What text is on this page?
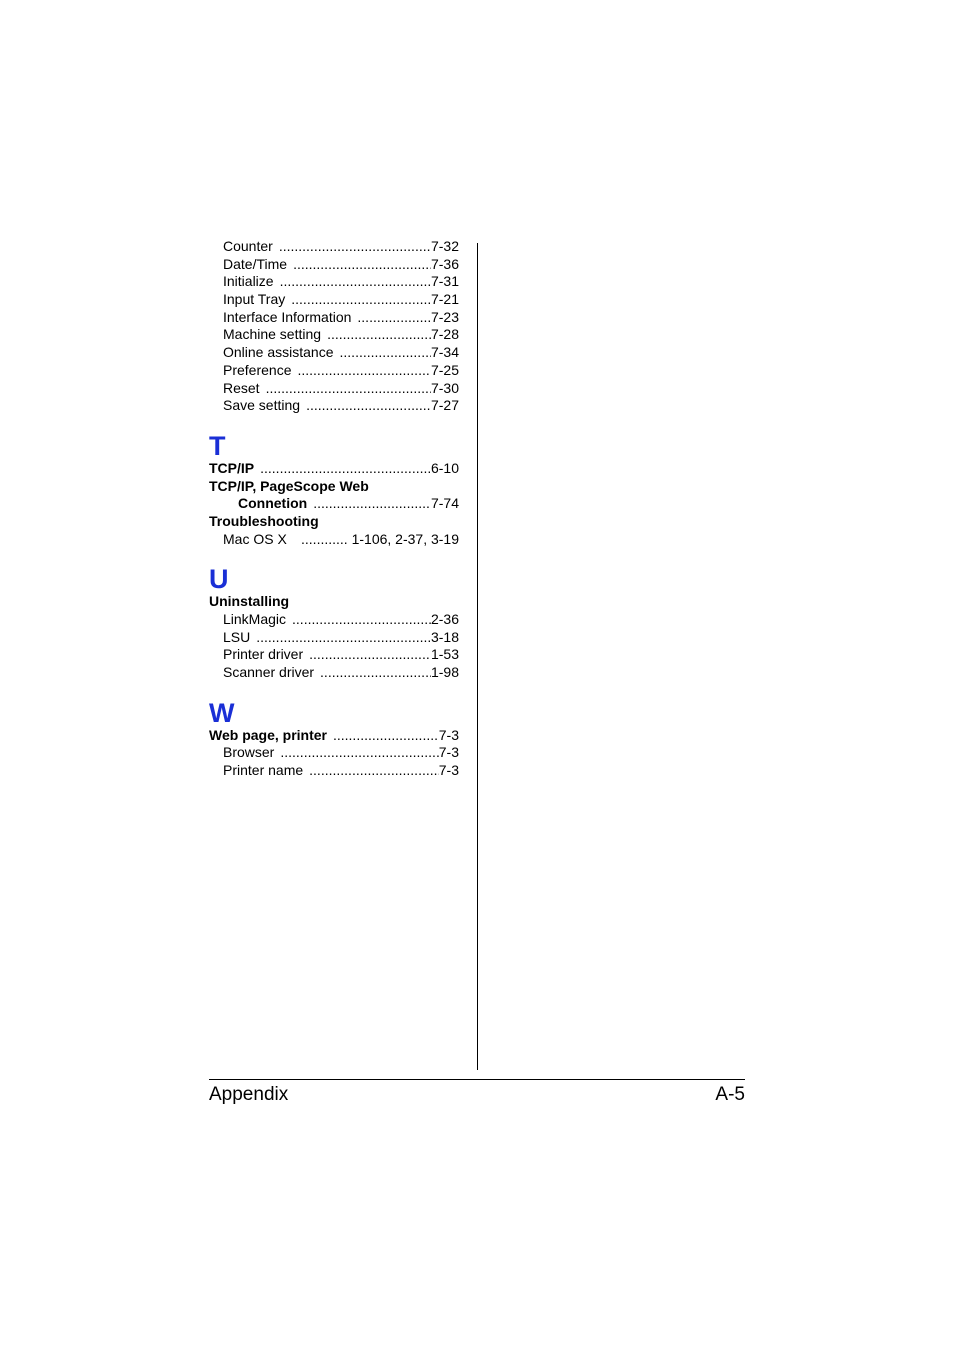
Counter .....	7-32
Date/Time .....	7-36
Initialize .....	7-31
Input Tray .....	7-21
Interface Information .....	7-23
Machine setting .....	7-28
Online assistance .....	7-34
Preference .....	7-25
Reset .....	7-30
Save setting .....	7-27
T
TCP/IP .....	6-10
TCP/IP, PageScope Web
Connetion .....	7-74
Troubleshooting
Mac OS X	............ 1-106, 2-37, 3-19
U
Uninstalling
LinkMagic .....	2-36
LSU .....	3-18
Printer driver .....	1-53
Scanner driver .....	1-98
W
Web page, printer .....	7-3
Browser .....	7-3
Printer name .....	7-3
Appendix	A-5
